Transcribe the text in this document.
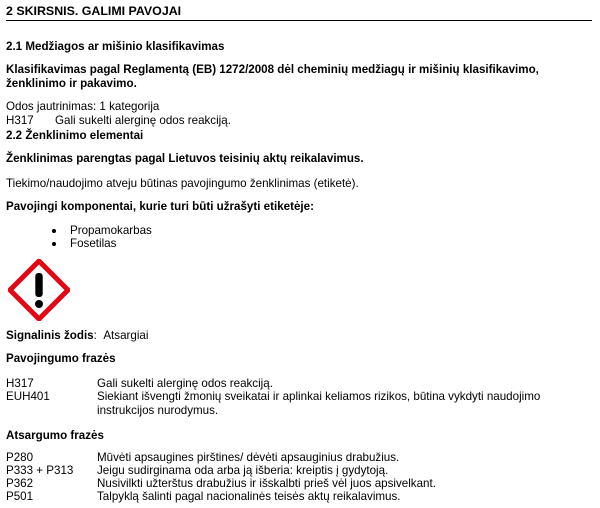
2 SKIRSNIS. GALIMI PAVOJAI
2.1 Medžiagos ar mišinio klasifikavimas
Klasifikavimas pagal Reglamentą (EB) 1272/2008 dėl cheminių medžiagų ir mišinių klasifikavimo, ženklinimo ir pakavimo.
Odos jautrinimas: 1 kategorija
H317 Gali sukelti alerginę odos reakciją.
2.2 Ženklinimo elementai
Ženklinimas parengtas pagal Lietuvos teisinių aktų reikalavimus.
Tiekimo/naudojimo atveju būtinas pavojingumo ženklinimas (etiketė).
Pavojingi komponentai, kurie turi būti užrašyti etiketėje:
Propamokarbas
Fosetilas
Signalinis žodis: Atsargiai
Pavojingumo frazės
H317	Gali sukelti alerginę odos reakciją.
EUH401	Siekiant išvengti žmonių sveikatai ir aplinkai keliamos rizikos, būtina vykdyti naudojimo instrukcijos nurodymus.
Atsargumo frazės
P280	Mūvėti apsaugines pirštines/ dėvėti apsauginius drabužius.
P333 + P313 Jeigu sudirginama oda arba ją išberia: kreiptis į gydytoją.
P362	Nusivilkti užterštus drabužius ir išskalbti prieš vėl juos apsivelkant.
P501	Talpyklą šalinti pagal nacionalinės teisės aktų reikalavimus.
